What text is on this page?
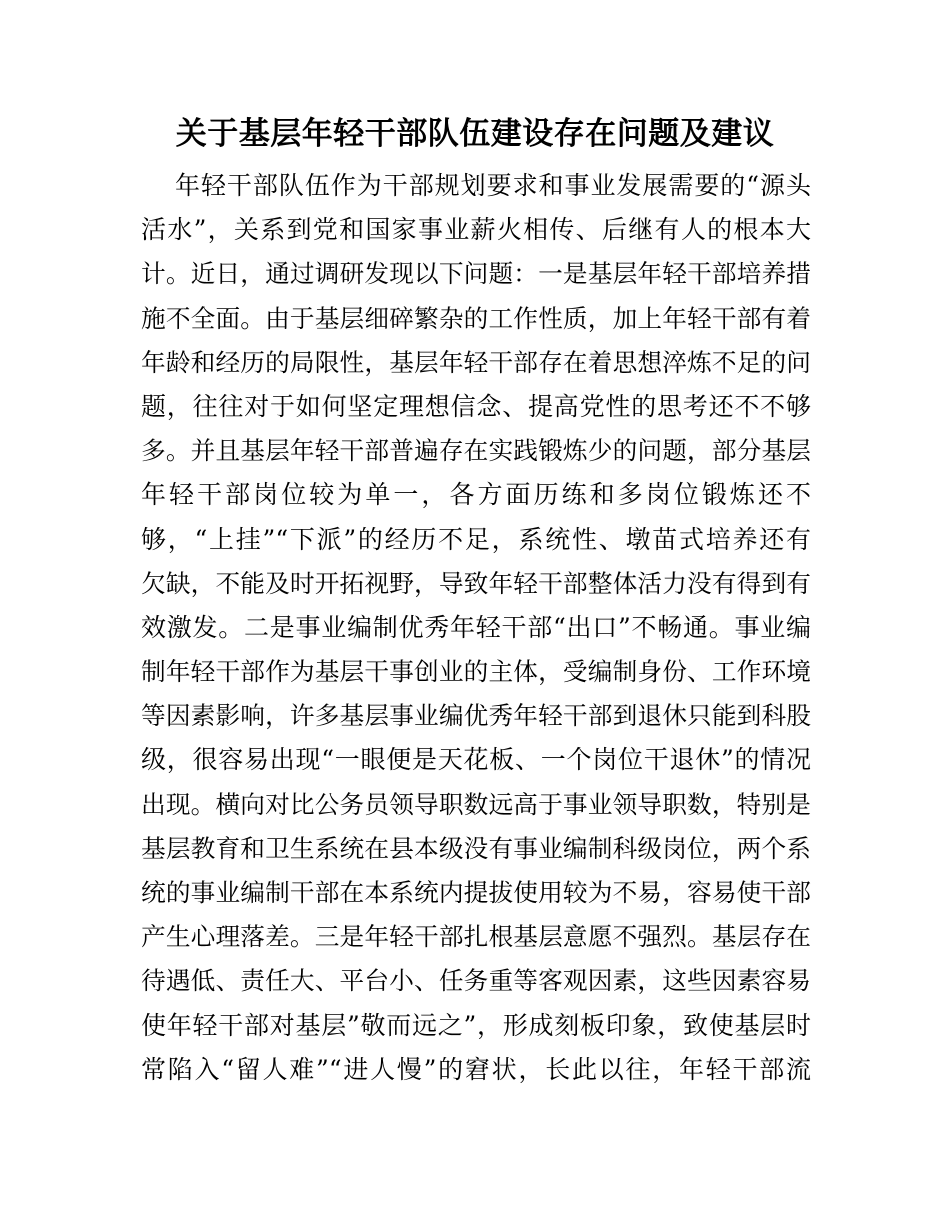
关于基层年轻干部队伍建设存在问题及建议
年轻干部队伍作为干部规划要求和事业发展需要的“源头
活水”，关系到党和国家事业薪火相传、后继有人的根本大
计。近日，通过调研发现以下问题：一是基层年轻干部培养措
施不全面。由于基层细碎繁杂的工作性质，加上年轻干部有着
年龄和经历的局限性，基层年轻干部存在着思想淬炼不足的问
题，往往对于如何坚定理想信念、提高党性的思考还不不够
多。并且基层年轻干部普遍存在实践锻炼少的问题，部分基层
年轻干部岗位较为单一，各方面历练和多岗位锻炼还不
够，“上挂”“下派”的经历不足，系统性、墩苗式培养还有
欠缺，不能及时开拓视野，导致年轻干部整体活力没有得到有
效激发。二是事业编制优秀年轻干部“出口”不畅通。事业编
制年轻干部作为基层干事创业的主体，受编制身份、工作环境
等因素影响，许多基层事业编优秀年轻干部到退休只能到科股
级，很容易出现“一眼便是天花板、一个岗位干退休”的情况
出现。横向对比公务员领导职数远高于事业领导职数，特别是
基层教育和卫生系统在县本级没有事业编制科级岗位，两个系
统的事业编制干部在本系统内提拔使用较为不易，容易使干部
产生心理落差。三是年轻干部扎根基层意愿不强烈。基层存在
待遇低、责任大、平台小、任务重等客观因素，这些因素容易
使年轻干部对基层”敬而远之”，形成刻板印象，致使基层时
常陷入“留人难”“进人慢”的窘状，长此以往，年轻干部流
